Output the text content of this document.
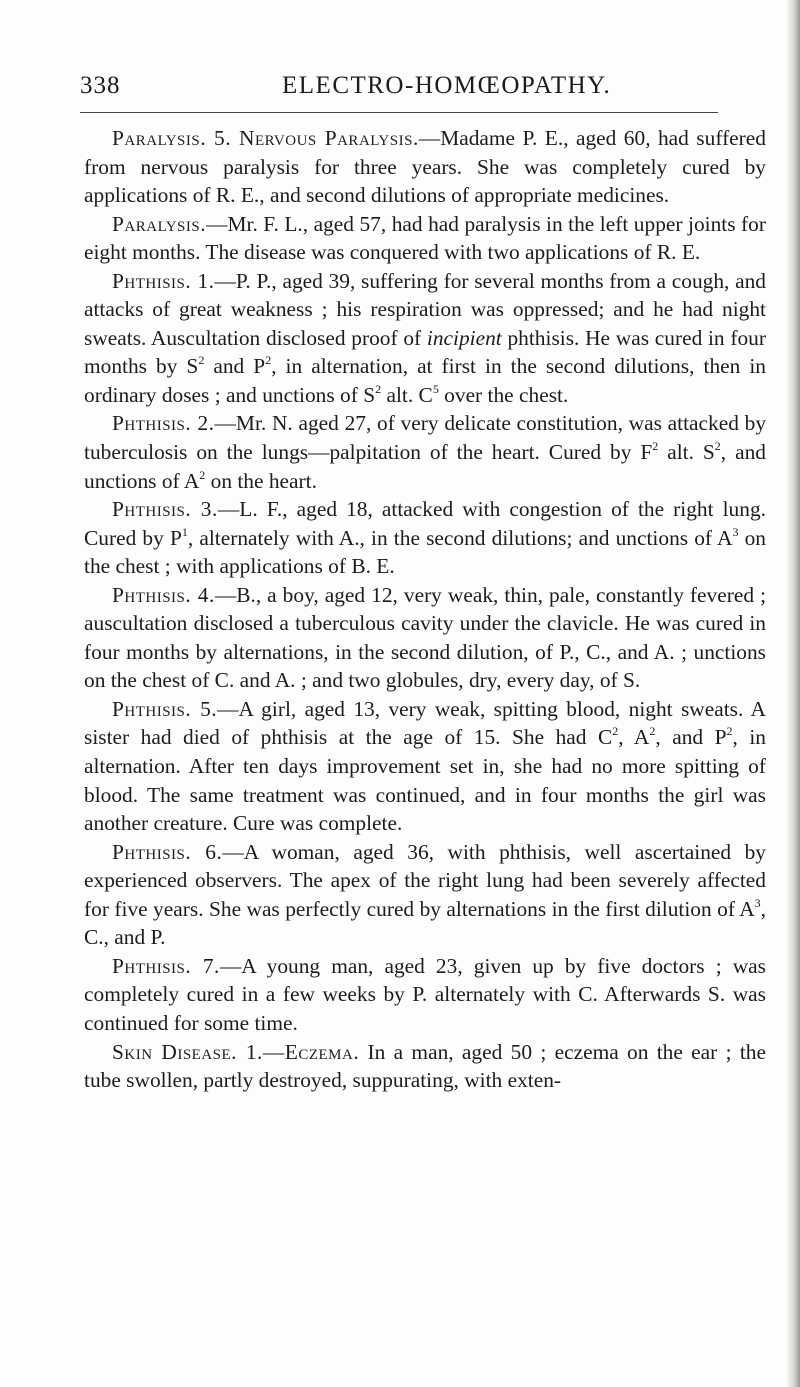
338	ELECTRO-HOMŒOPATHY.

Paralysis. 5. Nervous Paralysis.—Madame P. E., aged 60, had suffered from nervous paralysis for three years. She was completely cured by applications of R. E., and second dilutions of appropriate medicines.

Paralysis.—Mr. F. L., aged 57, had had paralysis in the left upper joints for eight months. The disease was conquered with two applications of R. E.

Phthisis. 1.—P. P., aged 39, suffering for several months from a cough, and attacks of great weakness ; his respiration was oppressed; and he had night sweats. Auscultation disclosed proof of incipient phthisis. He was cured in four months by $S^2$ and $P^2$, in alternation, at first in the second dilutions, then in ordinary doses ; and unctions of $S^2$ alt. $C^5$ over the chest.

Phthisis. 2.—Mr. N. aged 27, of very delicate constitution, was attacked by tuberculosis on the lungs—palpitation of the heart. Cured by $F^2$ alt. $S^2$, and unctions of $A^2$ on the heart.

Phthisis. 3.—L. F., aged 18, attacked with congestion of the right lung. Cured by $P^1$, alternately with A., in the second dilutions; and unctions of $A^3$ on the chest ; with applications of B. E.

Phthisis. 4.—B., a boy, aged 12, very weak, thin, pale, constantly fevered ; auscultation disclosed a tuberculous cavity under the clavicle. He was cured in four months by alternations, in the second dilution, of P., C., and A. ; unctions on the chest of C. and A. ; and two globules, dry, every day, of S.

Phthisis. 5.—A girl, aged 13, very weak, spitting blood, night sweats. A sister had died of phthisis at the age of 15. She had $C^2$, $A^2$, and $P^2$, in alternation. After ten days improvement set in, she had no more spitting of blood. The same treatment was continued, and in four months the girl was another creature. Cure was complete.

Phthisis. 6.—A woman, aged 36, with phthisis, well ascertained by experienced observers. The apex of the right lung had been severely affected for five years. She was perfectly cured by alternations in the first dilution of $A^3$, C., and P.

Phthisis. 7.—A young man, aged 23, given up by five doctors ; was completely cured in a few weeks by P. alternately with C. Afterwards S. was continued for some time.

Skin Disease. 1.—Eczema. In a man, aged 50 ; eczema on the ear ; the tube swollen, partly destroyed, suppurating, with exten-
